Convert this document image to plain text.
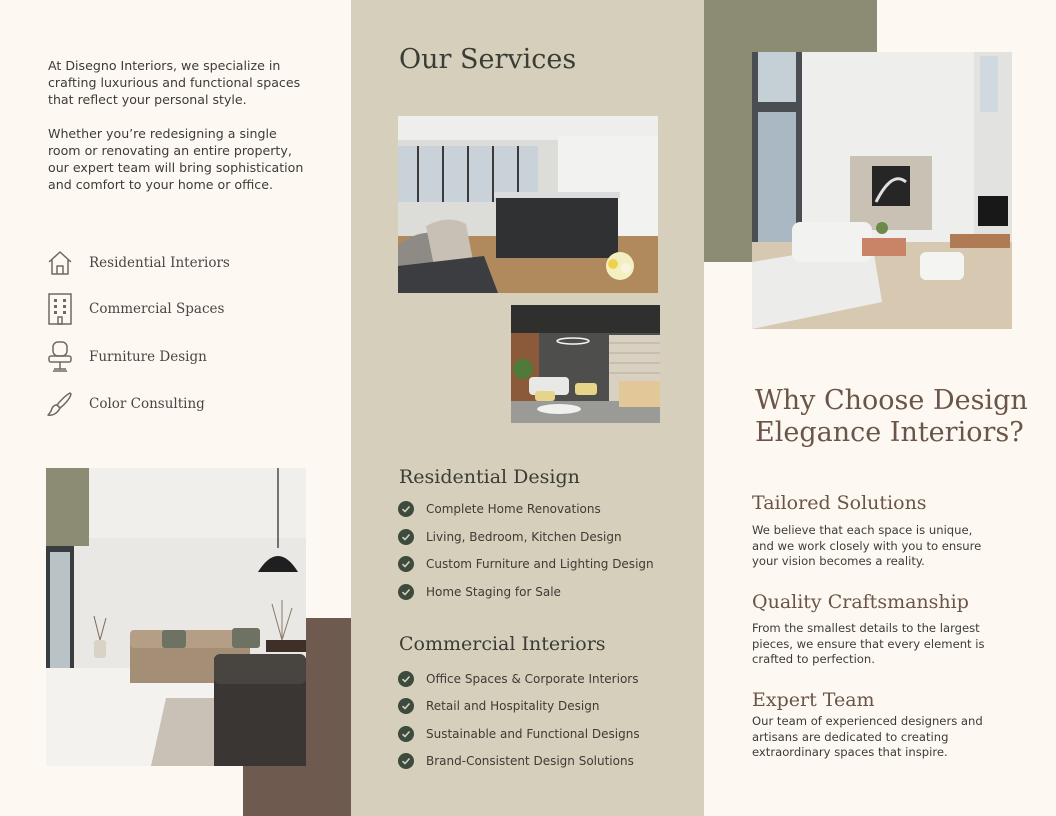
At Disegno Interiors, we specialize in crafting luxurious and functional spaces that reflect your personal style.

Whether you’re redesigning a single room or renovating an entire property, our expert team will bring sophistication and comfort to your home or office.

Residential Interiors
Commercial Spaces
Furniture Design
Color Consulting
Our Services
Residential Design
Complete Home Renovations
Living, Bedroom, Kitchen Design
Custom Furniture and Lighting Design
Home Staging for Sale
Commercial Interiors
Office Spaces & Corporate Interiors
Retail and Hospitality Design
Sustainable and Functional Designs
Brand-Consistent Design Solutions
Why Choose Design Elegance Interiors?
Tailored Solutions

We believe that each space is unique, and we work closely with you to ensure your vision becomes a reality.

Quality Craftsmanship

From the smallest details to the largest pieces, we ensure that every element is crafted to perfection.

Expert Team

Our team of experienced designers and artisans are dedicated to creating extraordinary spaces that inspire.
